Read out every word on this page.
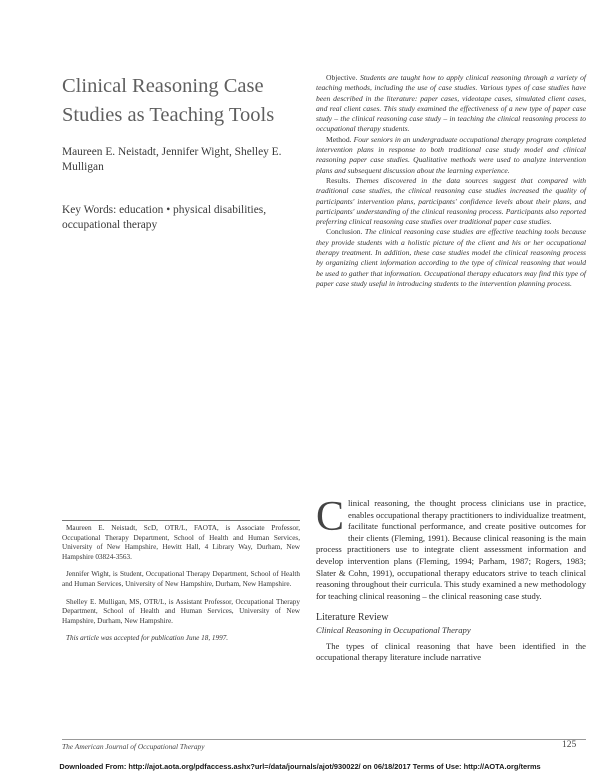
Clinical Reasoning Case Studies as Teaching Tools
Maureen E. Neistadt, Jennifer Wight, Shelley E. Mulligan
Key Words: education • physical disabilities, occupational therapy

Objective. Students are taught how to apply clinical reasoning through a variety of teaching methods, including the use of case studies. Various types of case studies have been described in the literature: paper cases, videotape cases, simulated client cases, and real client cases. This study examined the effectiveness of a new type of paper case study – the clinical reasoning case study – in teaching the clinical reasoning process to occupational therapy students.

Method. Four seniors in an undergraduate occupational therapy program completed intervention plans in response to both traditional case study model and clinical reasoning paper case studies. Qualitative methods were used to analyze intervention plans and subsequent discussion about the learning experience.

Results. Themes discovered in the data sources suggest that compared with traditional case studies, the clinical reasoning case studies increased the quality of participants' intervention plans, participants' confidence levels about their plans, and participants' understanding of the clinical reasoning process. Participants also reported preferring clinical reasoning case studies over traditional paper case studies.

Conclusion. The clinical reasoning case studies are effective teaching tools because they provide students with a holistic picture of the client and his or her occupational therapy treatment. In addition, these case studies model the clinical reasoning process by organizing client information according to the type of clinical reasoning that would be used to gather that information. Occupational therapy educators may find this type of paper case study useful in introducing students to the intervention planning process.

Maureen E. Neistadt, ScD, OTR/L, FAOTA, is Associate Professor, Occupational Therapy Department, School of Health and Human Services, University of New Hampshire, Hewitt Hall, 4 Library Way, Durham, New Hampshire 03824-3563.

Jennifer Wight, is Student, Occupational Therapy Department, School of Health and Human Services, University of New Hampshire, Durham, New Hampshire.

Shelley E. Mulligan, MS, OTR/L, is Assistant Professor, Occupational Therapy Department, School of Health and Human Services, University of New Hampshire, Durham, New Hampshire.

This article was accepted for publication June 18, 1997.

Clinical reasoning, the thought process clinicians use in practice, enables occupational therapy practitioners to individualize treatment, facilitate functional performance, and create positive outcomes for their clients (Fleming, 1991). Because clinical reasoning is the main process practitioners use to integrate client assessment information and develop intervention plans (Fleming, 1994; Parham, 1987; Rogers, 1983; Slater & Cohn, 1991), occupational therapy educators strive to teach clinical reasoning throughout their curricula. This study examined a new methodology for teaching clinical reasoning – the clinical reasoning case study.

Literature Review
Clinical Reasoning in Occupational Therapy

The types of clinical reasoning that have been identified in the occupational therapy literature include narrative

The American Journal of Occupational Therapy	125
Downloaded From: http://ajot.aota.org/pdfaccess.ashx?url=/data/journals/ajot/930022/ on 06/18/2017 Terms of Use: http://AOTA.org/terms
